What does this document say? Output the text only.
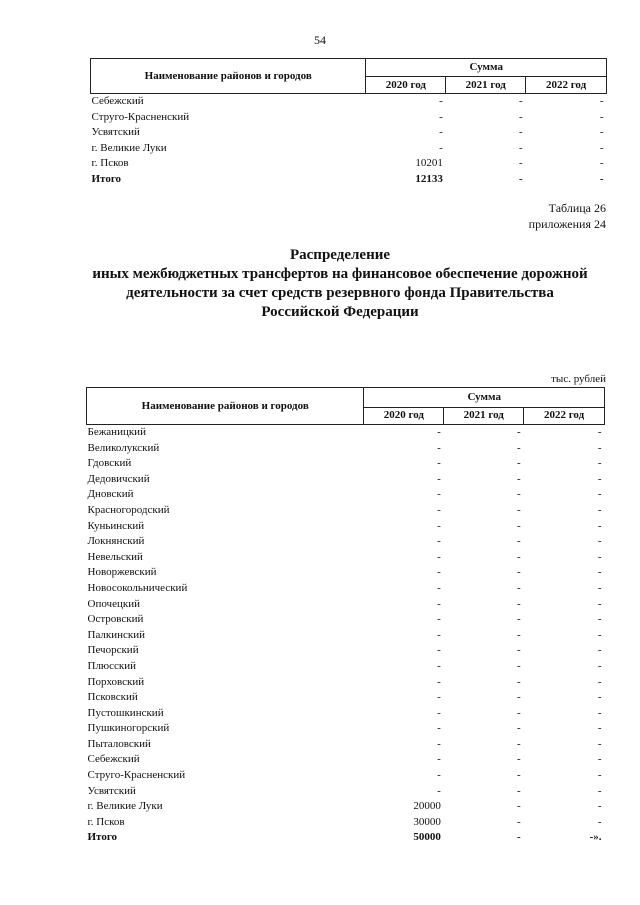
54
Наименование районов и городов	Сумма		
	2020 год	2021 год	2022 год
Себежский	-	-	-
Струго-Красненский	-	-	-
Усвятский	-	-	-
г. Великие Луки	-	-	-
г. Псков	10201	-	-
Итого	12133	-	-
Таблица 26
приложения 24
Распределение
иных межбюджетных трансфертов на финансовое обеспечение дорожной
деятельности за счет средств резервного фонда Правительства
Российской Федерации
тыс. рублей
Наименование районов и городов	Сумма		
	2020 год	2021 год	2022 год
Бежаницкий	-	-	-
Великолукский	-	-	-
Гдовский	-	-	-
Дедовичский	-	-	-
Дновский	-	-	-
Красногородский	-	-	-
Куньинский	-	-	-
Локнянский	-	-	-
Невельский	-	-	-
Новоржевский	-	-	-
Новосокольнический	-	-	-
Опочецкий	-	-	-
Островский	-	-	-
Палкинский	-	-	-
Печорский	-	-	-
Плюсский	-	-	-
Порховский	-	-	-
Псковский	-	-	-
Пустошкинский	-	-	-
Пушкиногорский	-	-	-
Пыталовский	-	-	-
Себежский	-	-	-
Струго-Красненский	-	-	-
Усвятский	-	-	-
г. Великие Луки	20000	-	-
г. Псков	30000	-	-
Итого	50000	-	-».
